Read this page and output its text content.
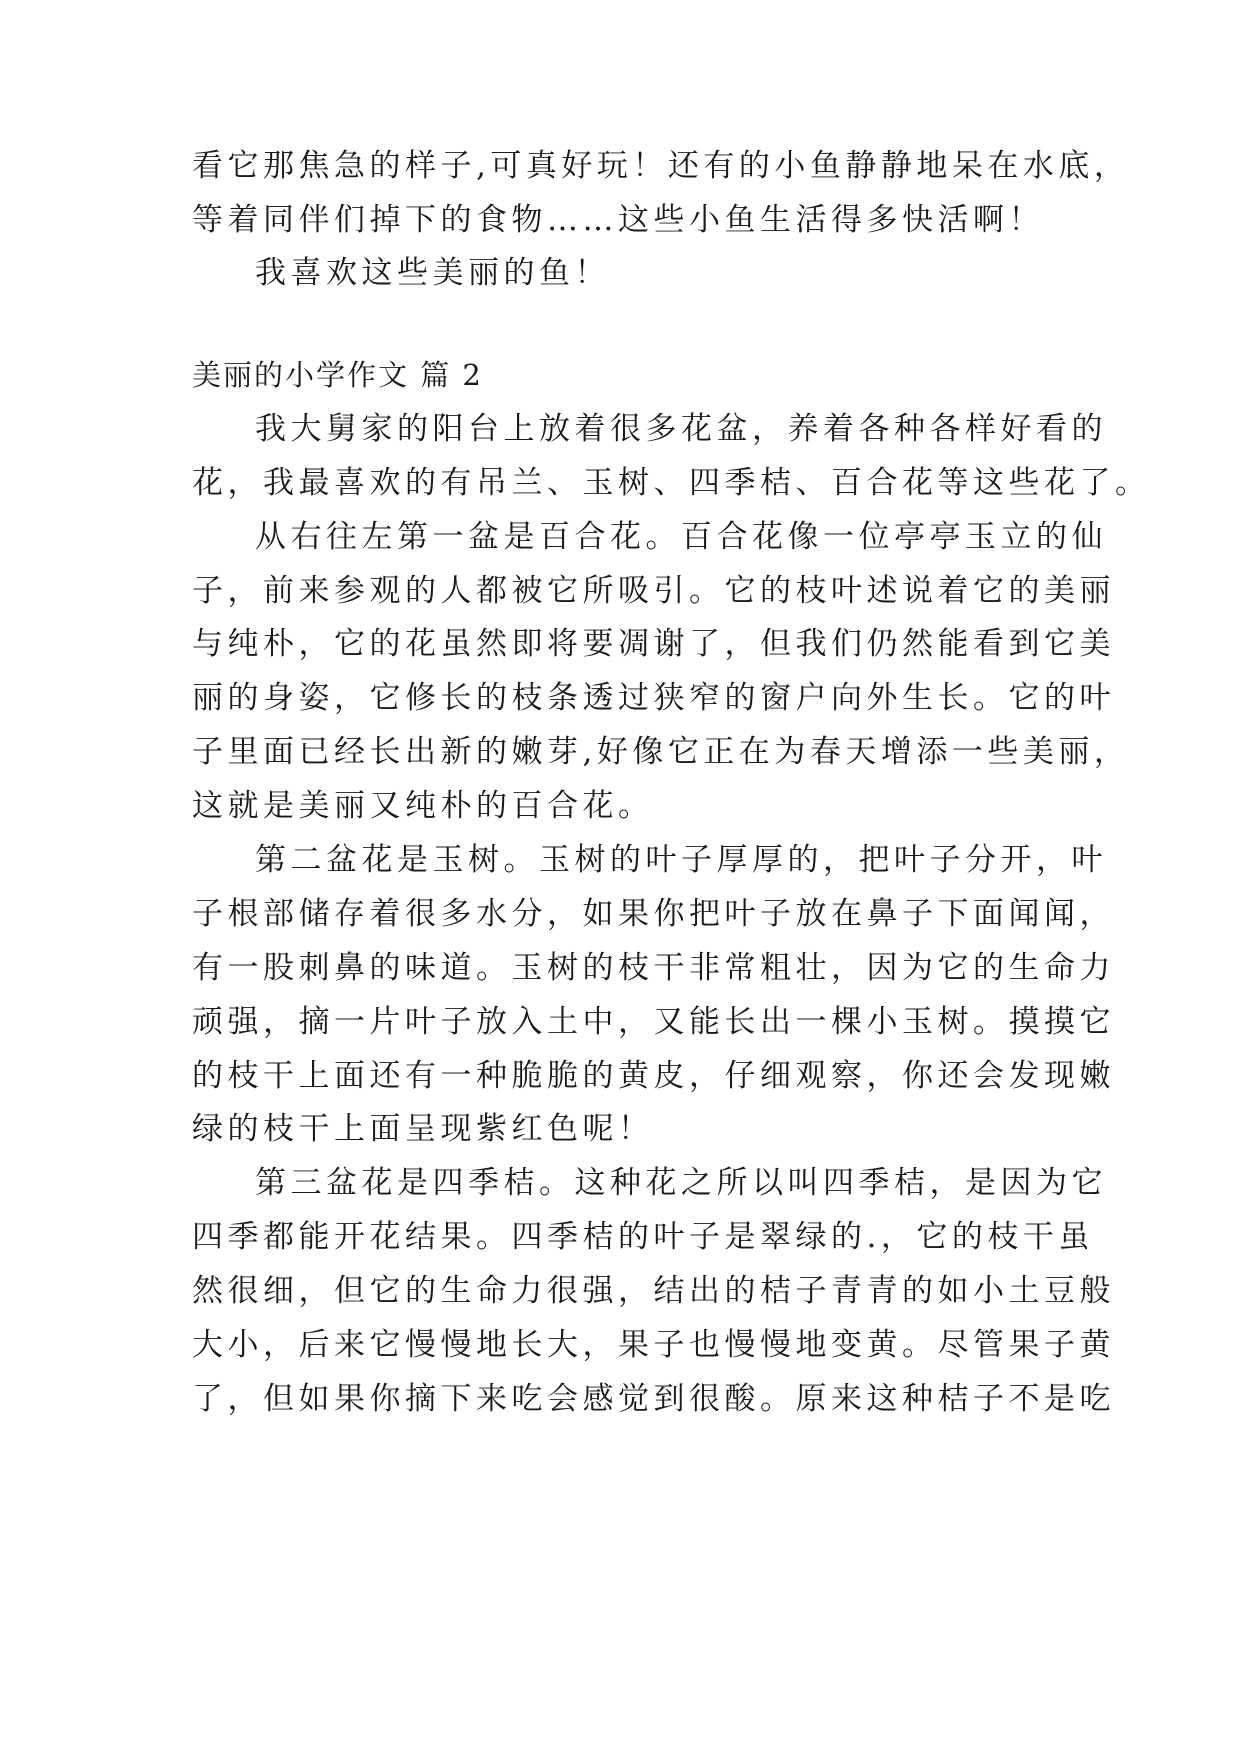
看它那焦急的样子,可真好玩！还有的小鱼静静地呆在水底，
等着同伴们掉下的食物……这些小鱼生活得多快活啊！
我喜欢这些美丽的鱼！
美丽的小学作文 篇 2
我大舅家的阳台上放着很多花盆，养着各种各样好看的
花，我最喜欢的有吊兰、玉树、四季桔、百合花等这些花了。
从右往左第一盆是百合花。百合花像一位亭亭玉立的仙
子，前来参观的人都被它所吸引。它的枝叶述说着它的美丽
与纯朴，它的花虽然即将要凋谢了，但我们仍然能看到它美
丽的身姿，它修长的枝条透过狭窄的窗户向外生长。它的叶
子里面已经长出新的嫩芽,好像它正在为春天增添一些美丽，
这就是美丽又纯朴的百合花。
第二盆花是玉树。玉树的叶子厚厚的，把叶子分开，叶
子根部储存着很多水分，如果你把叶子放在鼻子下面闻闻，
有一股刺鼻的味道。玉树的枝干非常粗壮，因为它的生命力
顽强，摘一片叶子放入土中，又能长出一棵小玉树。摸摸它
的枝干上面还有一种脆脆的黄皮，仔细观察，你还会发现嫩
绿的枝干上面呈现紫红色呢！
第三盆花是四季桔。这种花之所以叫四季桔，是因为它
四季都能开花结果。四季桔的叶子是翠绿的.，它的枝干虽
然很细，但它的生命力很强，结出的桔子青青的如小土豆般
大小，后来它慢慢地长大，果子也慢慢地变黄。尽管果子黄
了，但如果你摘下来吃会感觉到很酸。原来这种桔子不是吃
